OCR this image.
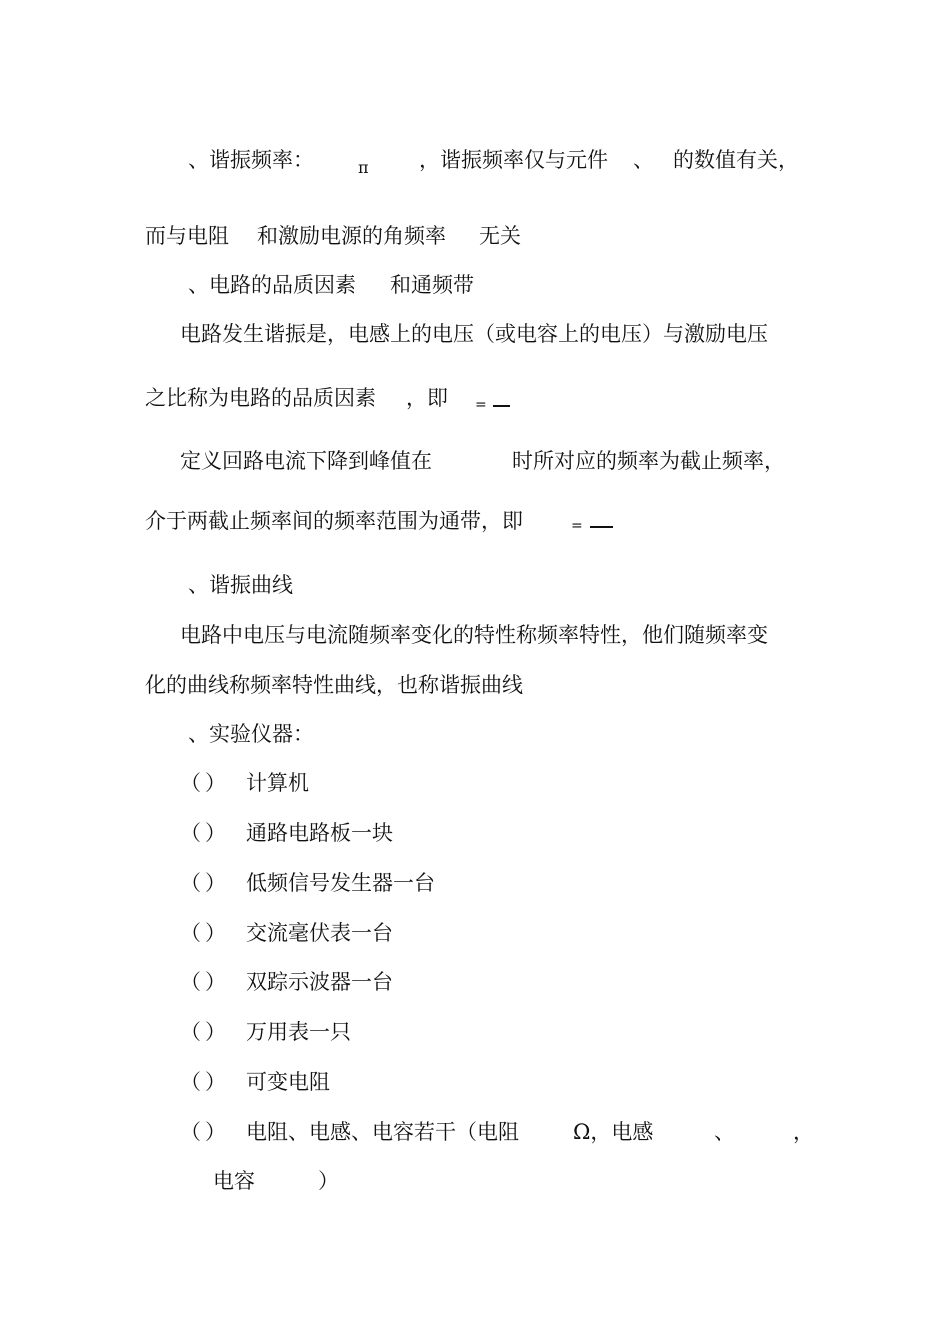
、谐振频率：	π ，谐振频率仅与元件 、 的数值有关，
而与电阻 和激励电源的角频率 无关
、电路的品质因素 和通频带
电路发生谐振是，电感上的电压（或电容上的电压）与激励电压
之比称为电路的品质因素 ，即 =
定义回路电流下降到峰值在	时所对应的频率为截止频率，
介于两截止频率间的频率范围为通带，即	=
、谐振曲线
电路中电压与电流随频率变化的特性称频率特性，他们随频率变
化的曲线称频率特性曲线，也称谐振曲线
、实验仪器：
（ ） 计算机
（ ） 通路电路板一块
（ ） 低频信号发生器一台
（ ） 交流毫伏表一台
（ ） 双踪示波器一台
（ ） 万用表一只
（ ） 可变电阻
（ ） 电阻、电感、电容若干（电阻	Ω，电感	、	，
电容	）
